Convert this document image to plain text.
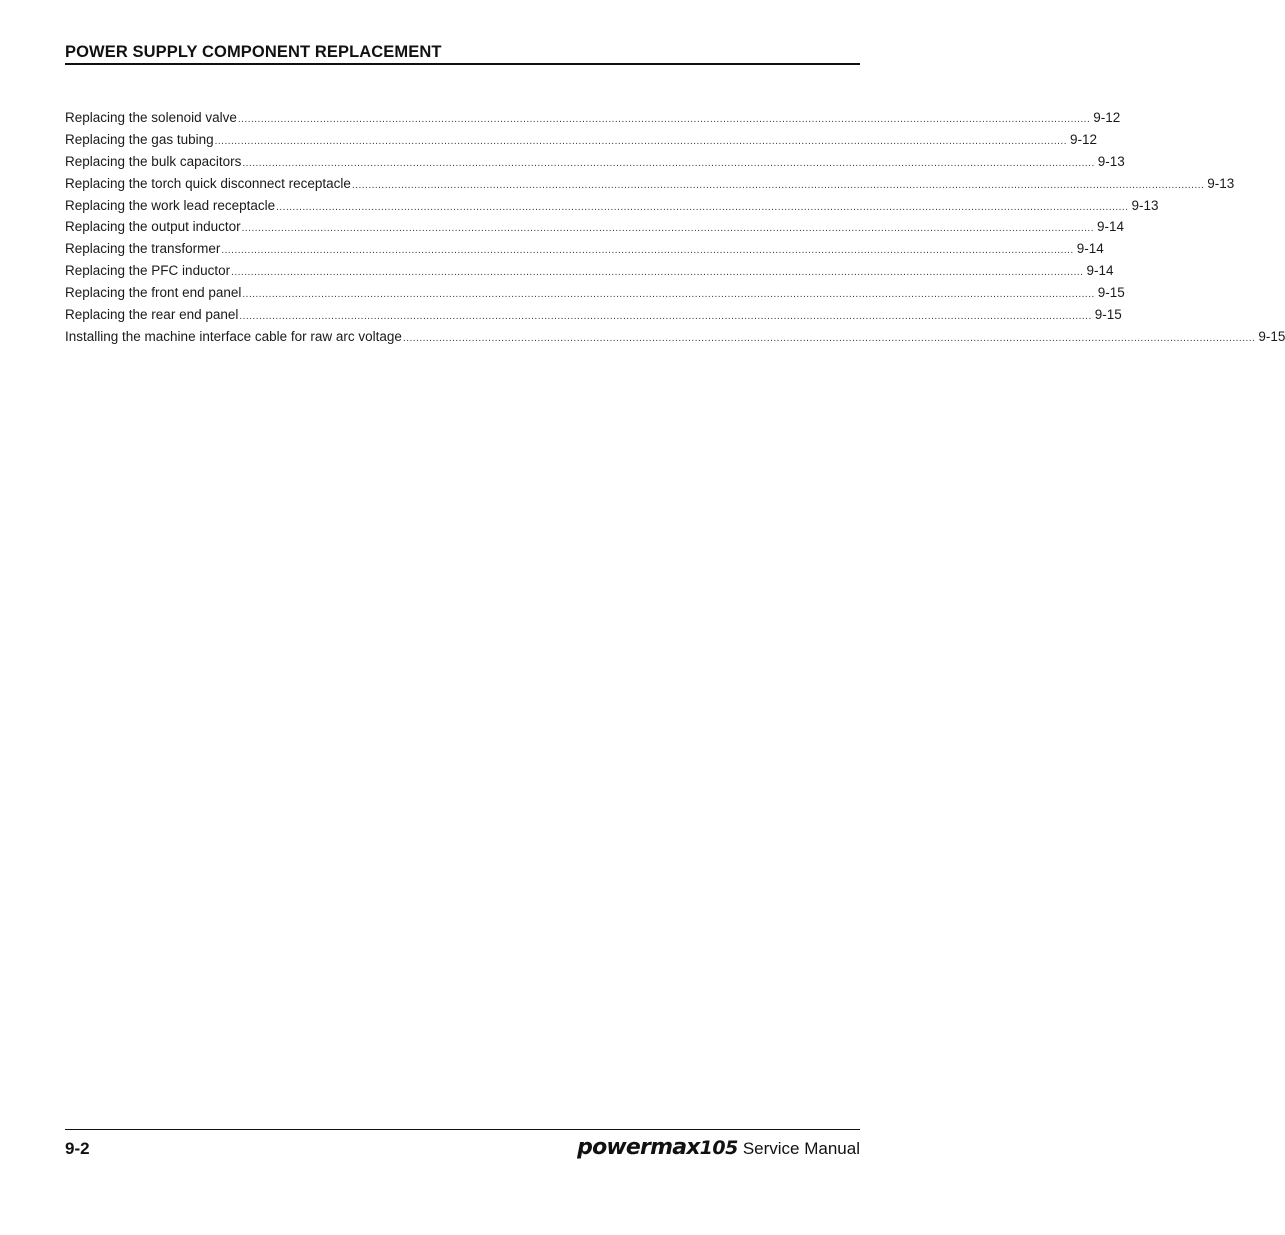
POWER SUPPLY COMPONENT REPLACEMENT
Replacing the solenoid valve .................................................................................................................................................................................................................................................................... 9-12
Replacing the gas tubing .................................................................................................................................................................................................................................................................... 9-12
Replacing the bulk capacitors .................................................................................................................................................................................................................................................................... 9-13
Replacing the torch quick disconnect receptacle .................................................................................................................................................................................................................................................................... 9-13
Replacing the work lead receptacle .................................................................................................................................................................................................................................................................... 9-13
Replacing the output inductor .................................................................................................................................................................................................................................................................... 9-14
Replacing the transformer .................................................................................................................................................................................................................................................................... 9-14
Replacing the PFC inductor .................................................................................................................................................................................................................................................................... 9-14
Replacing the front end panel .................................................................................................................................................................................................................................................................... 9-15
Replacing the rear end panel .................................................................................................................................................................................................................................................................... 9-15
Installing the machine interface cable for raw arc voltage .................................................................................................................................................................................................................................................................... 9-15
9-2	powermax 105 Service Manual
